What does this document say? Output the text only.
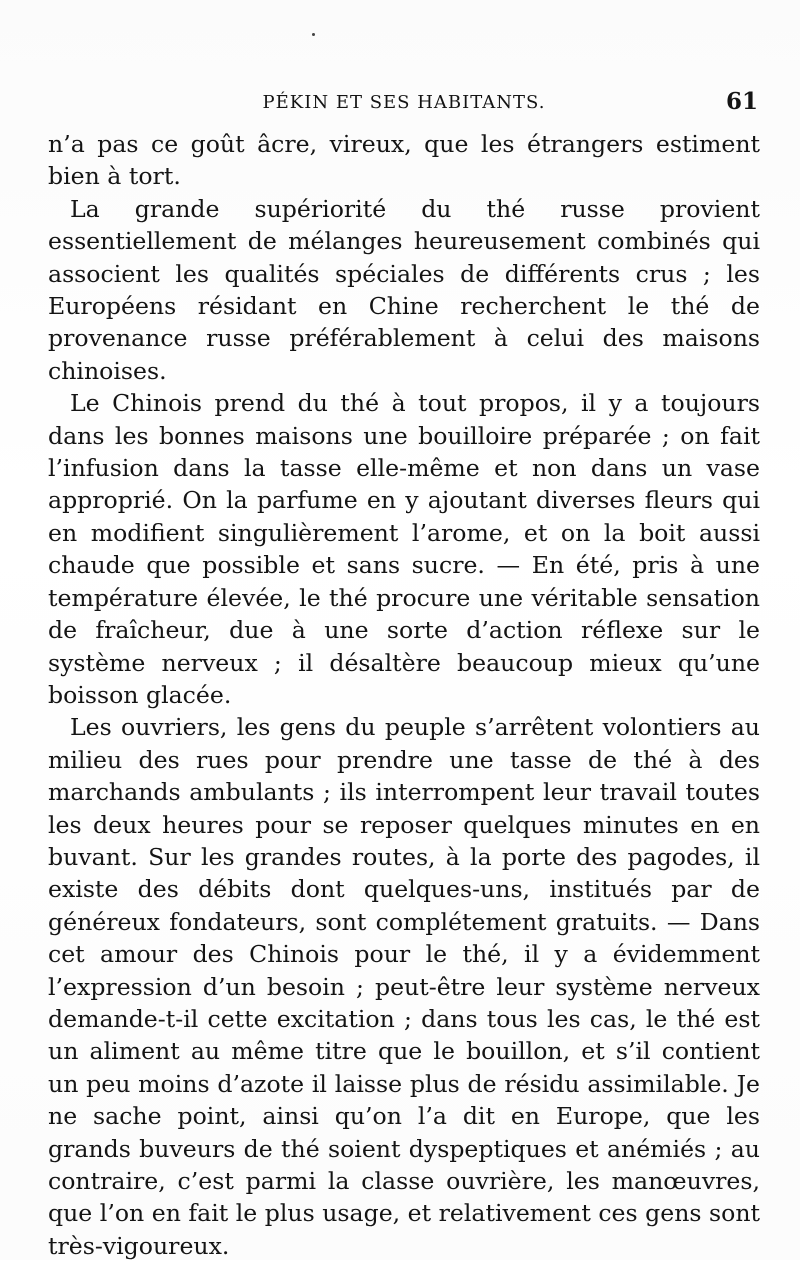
PÉKIN ET SES HABITANTS.	61

n’a pas ce goût âcre, vireux, que les étrangers estiment bien à tort.

La grande supériorité du thé russe provient essentiellement de mélanges heureusement combinés qui associent les qualités spéciales de différents crus ; les Européens résidant en Chine recherchent le thé de provenance russe préférablement à celui des maisons chinoises.

Le Chinois prend du thé à tout propos, il y a toujours dans les bonnes maisons une bouilloire préparée ; on fait l’infusion dans la tasse elle-même et non dans un vase approprié. On la parfume en y ajoutant diverses fleurs qui en modifient singulièrement l’arome, et on la boit aussi chaude que possible et sans sucre. — En été, pris à une température élevée, le thé procure une véritable sensation de fraîcheur, due à une sorte d’action réflexe sur le système nerveux ; il désaltère beaucoup mieux qu’une boisson glacée.

Les ouvriers, les gens du peuple s’arrêtent volontiers au milieu des rues pour prendre une tasse de thé à des marchands ambulants ; ils interrompent leur travail toutes les deux heures pour se reposer quelques minutes en en buvant. Sur les grandes routes, à la porte des pagodes, il existe des débits dont quelques-uns, institués par de généreux fondateurs, sont complétement gratuits. — Dans cet amour des Chinois pour le thé, il y a évidemment l’expression d’un besoin ; peut-être leur système nerveux demande-t-il cette excitation ; dans tous les cas, le thé est un aliment au même titre que le bouillon, et s’il contient un peu moins d’azote il laisse plus de résidu assimilable. Je ne sache point, ainsi qu’on l’a dit en Europe, que les grands buveurs de thé soient dyspeptiques et anémiés ; au contraire, c’est parmi la classe ouvrière, les manœuvres, que l’on en fait le plus usage, et relativement ces gens sont très-vigoureux.
